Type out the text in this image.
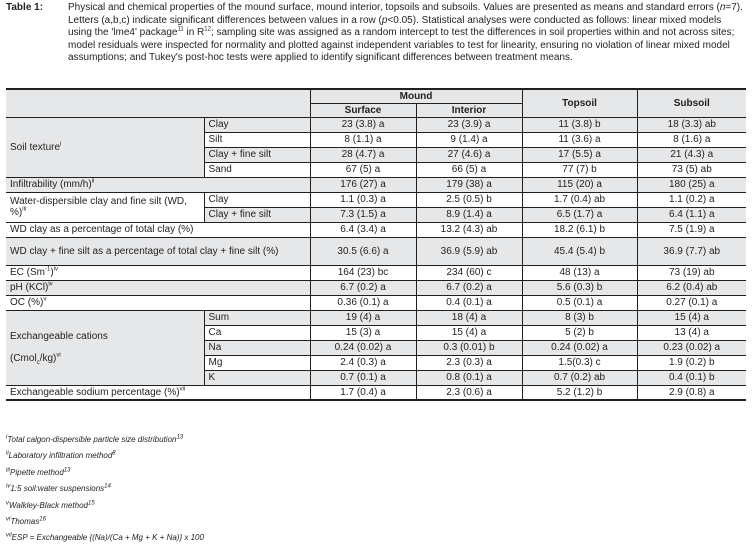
Table 1: Physical and chemical properties of the mound surface, mound interior, topsoils and subsoils. Values are presented as means and standard errors (n=7). Letters (a,b,c) indicate significant differences between values in a row (p<0.05). Statistical analyses were conducted as follows: linear mixed models using the 'lme4' package$^{11}$ in $R^{12}$; sampling site was assigned as a random intercept to test the differences in soil properties within and not across sites; model residuals were inspected for normality and plotted against independent variables to test for linearity, ensuring no violation of linear mixed model assumptions; and Tukey's post-hoc tests were applied to identify significant differences between treatment means.
		Mound		Topsoil	Subsoil
		Surface	Interior		
Soil texture$^i$	Clay	23 (3.8) a	23 (3.9) a	11 (3.8) b	18 (3.3) ab
	Silt	8 (1.1) a	9 (1.4) a	11 (3.6) a	8 (1.6) a
	Clay + fine silt	28 (4.7) a	27 (4.6) a	17 (5.5) a	21 (4.3) a
	Sand	67 (5) a	66 (5) a	77 (7) b	73 (5) ab
Infiltrability $(mm/h)^{ii}$		176 (27) a	179 (38) a	115 (20) a	180 (25) a
Water-dispersible clay and fine silt (WD, %)$^{iii}$	Clay	1.1 (0.3) a	2.5 (0.5) b	1.7 (0.4) ab	1.1 (0.2) a
	Clay + fine silt	7.3 (1.5) a	8.9 (1.4) a	6.5 (1.7) a	6.4 (1.1) a
WD clay as a percentage of total clay (%)		6.4 (3.4) a	13.2 (4.3) ab	18.2 (6.1) b	7.5 (1.9) a
WD clay + fine silt as a percentage of total clay + fine silt (%)		30.5 (6.6) a	36.9 (5.9) ab	45.4 (5.4) b	36.9 (7.7) ab
EC $(Sm^{-1})^{iv}$		164 (23) bc	234 (60) c	48 (13) a	73 (19) ab
pH (KCl)$^{iv}$		6.7 (0.2) a	6.7 (0.2) a	5.6 (0.3) b	6.2 (0.4) ab
OC (%)$^v$		0.36 (0.1) a	0.4 (0.1) a	0.5 (0.1) a	0.27 (0.1) a
Exchangeable cations

(Cmol$_c$/kg)$^{vi}$	Sum	19 (4) a	18 (4) a	8 (3) b	15 (4) a
	Ca	15 (3) a	15 (4) a	5 (2) b	13 (4) a
	Na	0.24 (0.02) a	0.3 (0.01) b	0.24 (0.02) a	0.23 (0.02) a
	Mg	2.4 (0.3) a	2.3 (0.3) a	1.5(0.3) c	1.9 (0.2) b
	K	0.7 (0.1) a	0.8 (0.1) a	0.7 (0.2) ab	0.4 (0.1) b
Exchangeable sodium percentage (%)$^{vii}$		1.7 (0.4) a	2.3 (0.6) a	5.2 (1.2) b	2.9 (0.8) a
$^i$Total calgon-dispersible particle size distribution$^{13}$
$^{ii}$Laboratory infiltration method$^8$
$^{iii}$Pipette method$^{13}$
$^{iv}$1:5 soil:water suspensions$^{14}$
$^v$Walkley-Black method$^{15}$
$^{vi}$Thomas$^{16}$
$^{vii}$ESP = Exchangeable {(Na)/(Ca + Mg + K + Na)} x 100
